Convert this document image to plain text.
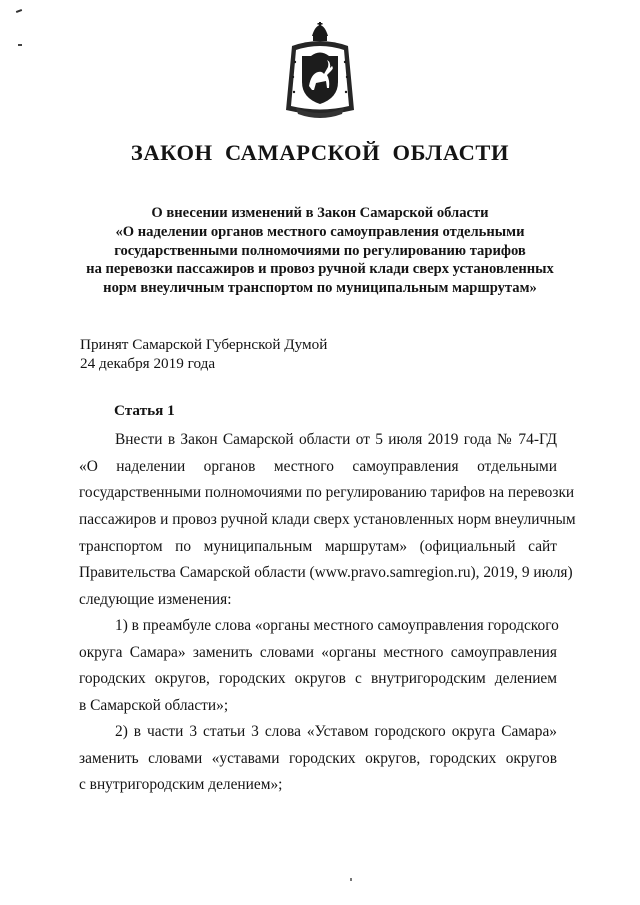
ЗАКОН САМАРСКОЙ ОБЛАСТИ
О внесении изменений в Закон Самарской области
«О наделении органов местного самоуправления отдельными
государственными полномочиями по регулированию тарифов
на перевозки пассажиров и провоз ручной клади сверх установленных
норм внеуличным транспортом по муниципальным маршрутам»
Принят Самарской Губернской Думой
24 декабря 2019 года
Статья 1
Внести в Закон Самарской области от 5 июля 2019 года № 74-ГД
«О наделении органов местного самоуправления отдельными
государственными полномочиями по регулированию тарифов на перевозки
пассажиров и провоз ручной клади сверх установленных норм внеуличным
транспортом по муниципальным маршрутам» (официальный сайт
Правительства Самарской области (www.pravo.samregion.ru), 2019, 9 июля)
следующие изменения:
1) в преамбуле слова «органы местного самоуправления городского
округа Самара» заменить словами «органы местного самоуправления
городских округов, городских округов с внутригородским делением
в Самарской области»;
2) в части 3 статьи 3 слова «Уставом городского округа Самара»
заменить словами «уставами городских округов, городских округов
с внутригородским делением»;
